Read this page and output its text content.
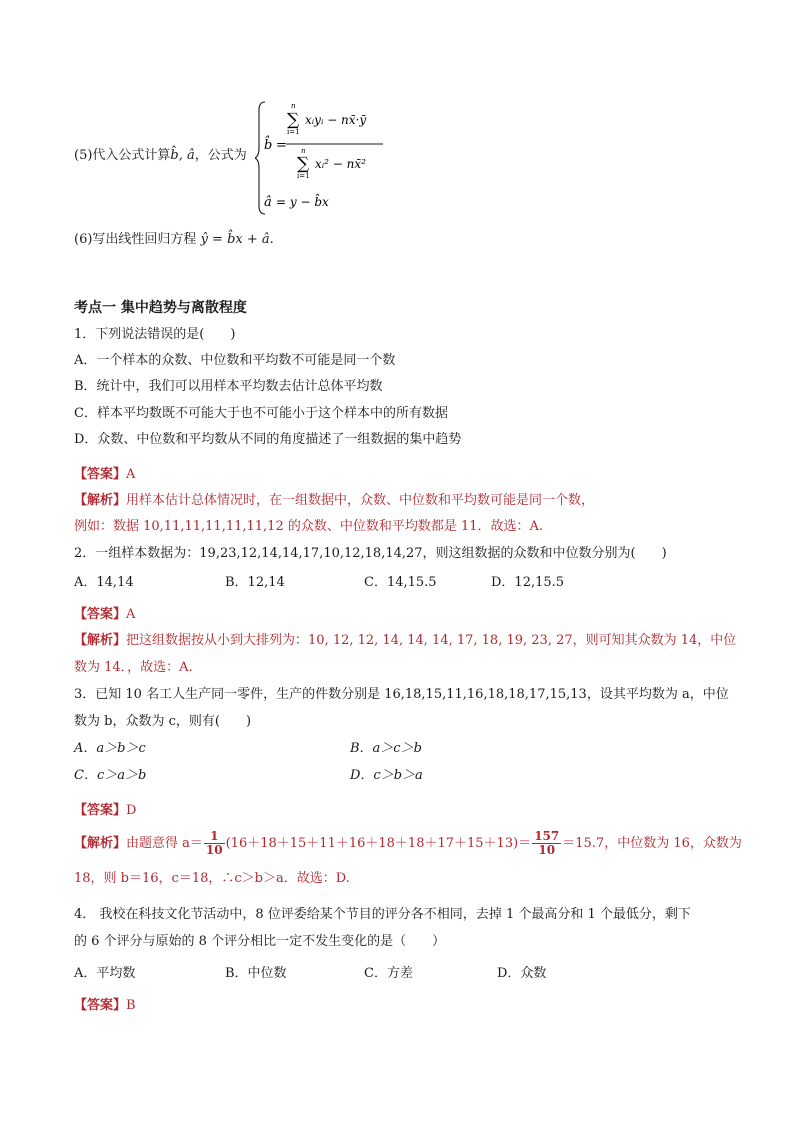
(5)代入公式计算b̂, â，公式为
b̂ =
n
∑
i=1
xᵢyᵢ − nx̄·ȳ
n
∑
i=1
xᵢ² − nx̄²
â = y − b̂x
(6)写出线性回归方程 ŷ = b̂x + â.
考点一 集中趋势与离散程度
1．下列说法错误的是(　　)
A．一个样本的众数、中位数和平均数不可能是同一个数
B．统计中，我们可以用样本平均数去估计总体平均数
C．样本平均数既不可能大于也不可能小于这个样本中的所有数据
D．众数、中位数和平均数从不同的角度描述了一组数据的集中趋势
【答案】A
【解析】用样本估计总体情况时，在一组数据中，众数、中位数和平均数可能是同一个数，
例如：数据 10,11,11,11,11,11,12 的众数、中位数和平均数都是 11．故选：A.
2．一组样本数据为：19,23,12,14,14,17,10,12,18,14,27，则这组数据的众数和中位数分别为(　　)
A．14,14	B．12,14	C．14,15.5	D．12,15.5
【答案】A
【解析】把这组数据按从小到大排列为：10, 12, 12, 14, 14, 14, 17, 18, 19, 23, 27，则可知其众数为 14，中位
数为 14．，故选：A.
3．已知 10 名工人生产同一零件，生产的件数分别是 16,18,15,11,16,18,18,17,15,13，设其平均数为 a，中位
数为 b，众数为 c，则有(　　)
A．a＞b＞c	B．a＞c＞b
C．c＞a＞b	D．c＞b＞a
【答案】D
【解析】由题意得 $a= \frac{1}{10} (16+18+15+11+16+18+18+17+15+13)= \frac{157}{10} =15.7$，中位数为 16，众数为
18，则 b＝16，c＝18，∴c＞b＞a．故选：D.
4． 我校在科技文化节活动中，8 位评委给某个节目的评分各不相同，去掉 1 个最高分和 1 个最低分，剩下
的 6 个评分与原始的 8 个评分相比一定不发生变化的是（　　）
A．平均数	B．中位数	C．方差	D．众数
【答案】B
